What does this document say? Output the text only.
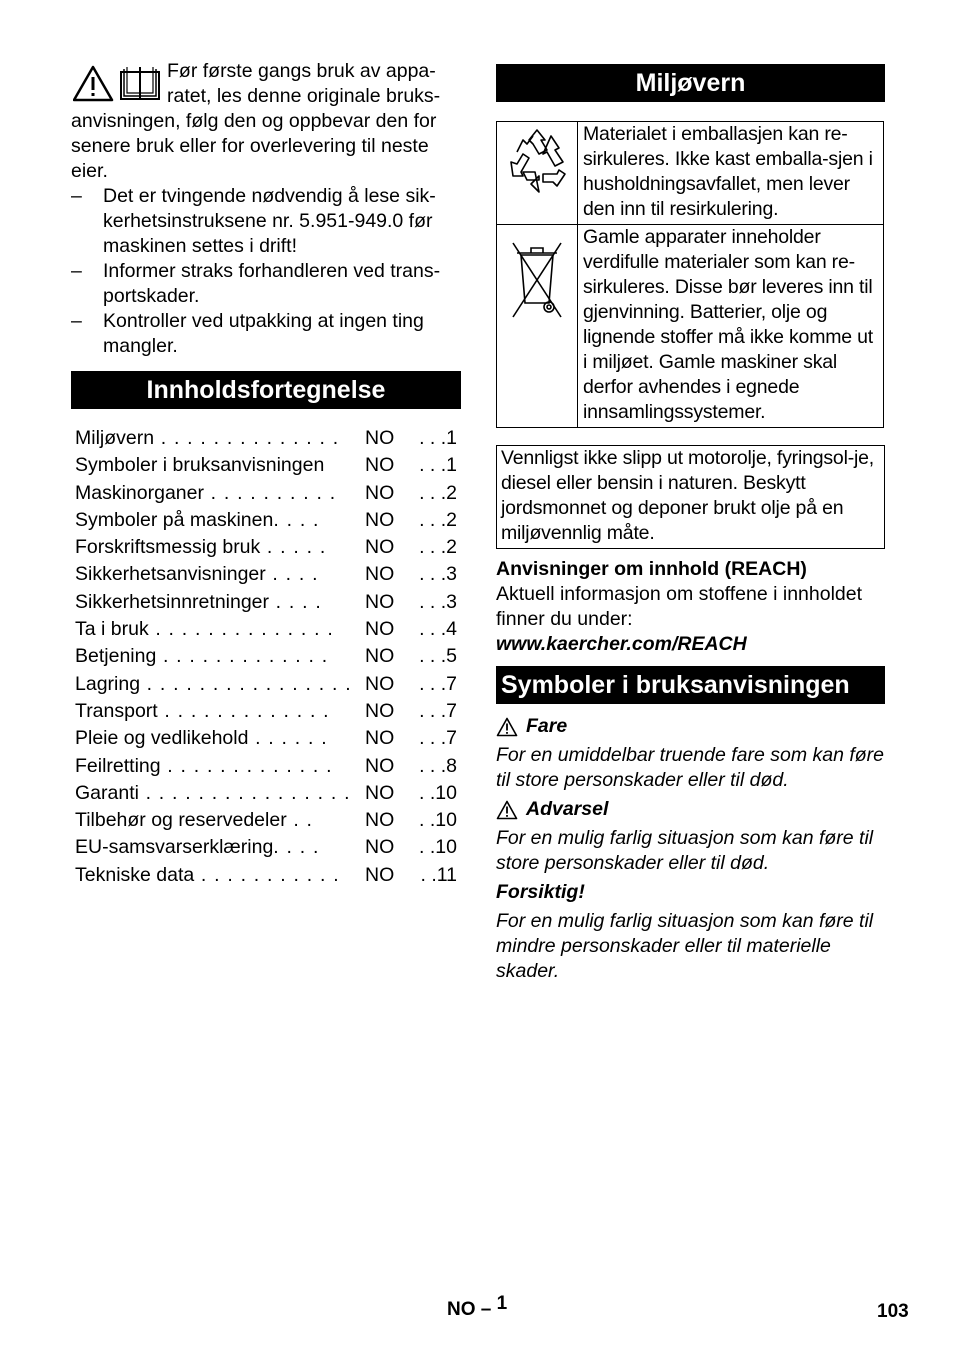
Før første gangs bruk av appa-
ratet, les denne originale bruks-
anvisningen, følg den og oppbevar den for senere bruk eller for overlevering til neste eier.

– Det er tvingende nødvendig å lese sik-kerhetsinstruksene nr. 5.951-949.0 før maskinen settes i drift!
– Informer straks forhandleren ved trans-portskader.
– Kontroller ved utpakking at ingen ting mangler.
Innholdsfortegnelse
Miljøvern . . . . . . . . . . . . . .	NO	. . .1
Symboler i bruksanvisningen	NO	. . .1
Maskinorganer . . . . . . . . . .	NO	. . .2
Symboler på maskinen. . . .	NO	. . .2
Forskriftsmessig bruk . . . . .	NO	. . .2
Sikkerhetsanvisninger . . . .	NO	. . .3
Sikkerhetsinnretninger . . . .	NO	. . .3
Ta i bruk . . . . . . . . . . . . . .	NO	. . .4
Betjening . . . . . . . . . . . . .	NO	. . .5
Lagring . . . . . . . . . . . . . . . . NO	. . .7
Transport . . . . . . . . . . . . .	NO	. . .7
Pleie og vedlikehold . . . . . .	NO	. . .7
Feilretting . . . . . . . . . . . . .	NO	. . .8
Garanti . . . . . . . . . . . . . . . . NO	. .10
Tilbehør og reservedeler . .	NO	. .10
EU-samsvarserklæring. . . .	NO	. .10
Tekniske data . . . . . . . . . . .	NO	. .11
Miljøvern
	Materialet i emballasjen kan re-sirkuleres. Ikke kast emballa-sjen i husholdningsavfallet, men lever den inn til resirkulering.
	Gamle apparater inneholder verdifulle materialer som kan re-sirkuleres. Disse bør leveres inn til gjenvinning. Batterier, olje og lignende stoffer må ikke komme ut i miljøet. Gamle maskiner skal derfor avhendes i egnede innsamlingssystemer.
Vennligst ikke slipp ut motorolje, fyringsol-je, diesel eller bensin i naturen. Beskytt jordsmonnet og deponer brukt olje på en miljøvennlig måte.
Anvisninger om innhold (REACH)
Aktuell informasjon om stoffene i innholdet finner du under:
www.kaercher.com/REACH
Symboler i bruksanvisningen
Fare

For en umiddelbar truende fare som kan føre til store personskader eller til død.

Advarsel

For en mulig farlig situasjon som kan føre til store personskader eller til død.

Forsiktig!

For en mulig farlig situasjon som kan føre til mindre personskader eller til materielle skader.

NO – 1	103
